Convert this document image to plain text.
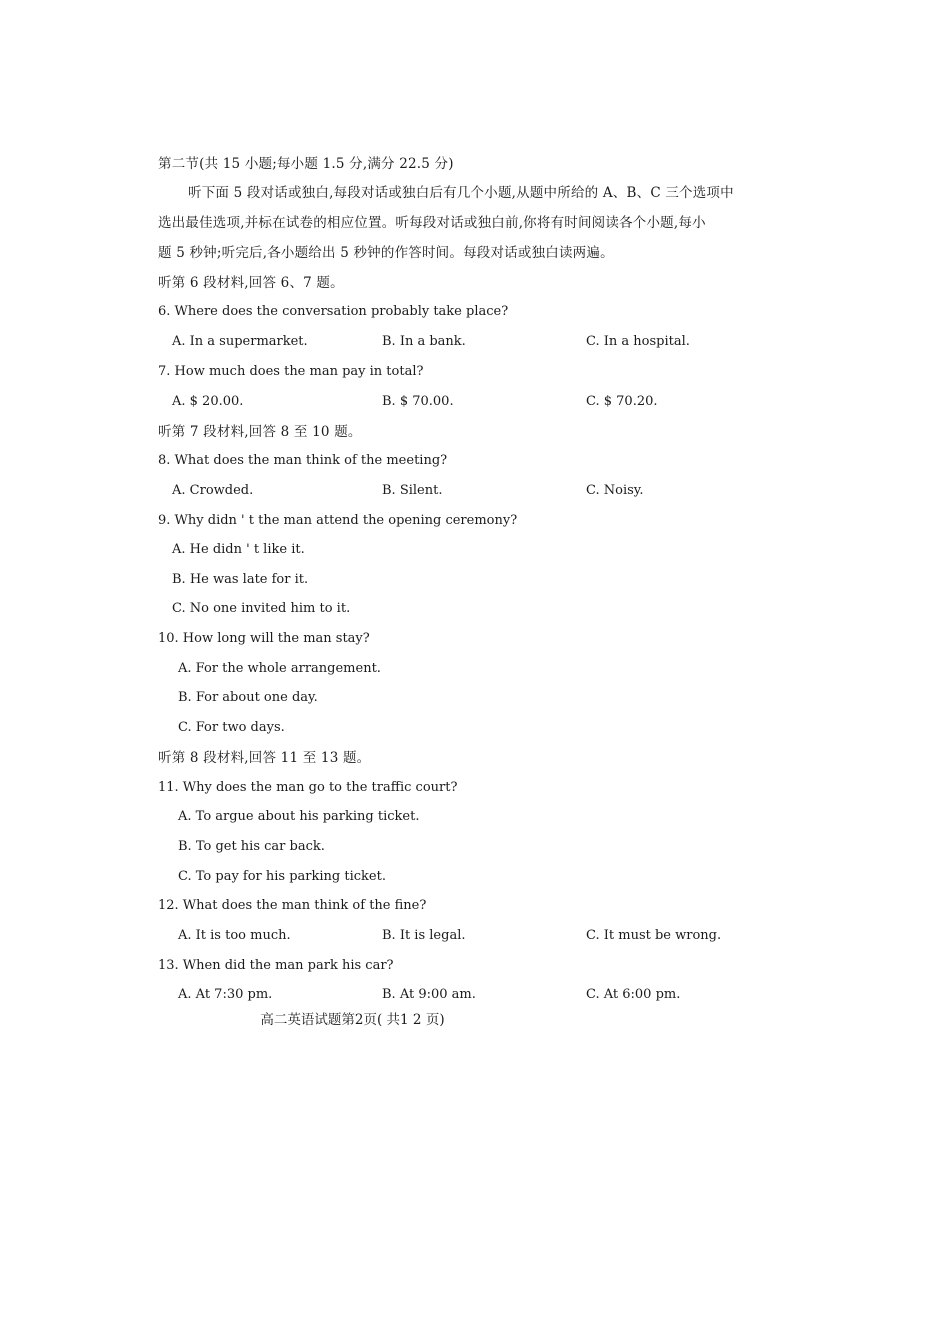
第二节(共 15 小题;每小题 1.5 分,满分 22.5 分)
听下面 5 段对话或独白,每段对话或独白后有几个小题,从题中所给的 A、B、C 三个选项中
选出最佳选项,并标在试卷的相应位置。听每段对话或独白前,你将有时间阅读各个小题,每小
题 5 秒钟;听完后,各小题给出 5 秒钟的作答时间。每段对话或独白读两遍。
听第 6 段材料,回答 6、7 题。
6. Where does the conversation probably take place?
A. In a supermarket.	B. In a bank.	C. In a hospital.
7. How much does the man pay in total?
A. $ 20.00.	B. $ 70.00.	C. $ 70.20.
听第 7 段材料,回答 8 至 10 题。
8. What does the man think of the meeting?
A. Crowded.	B. Silent.	C. Noisy.
9. Why didn ' t the man attend the opening ceremony?
A. He didn ' t like it.
B. He was late for it.
C. No one invited him to it.
10. How long will the man stay?
A. For the whole arrangement.
B. For about one day.
C. For two days.
听第 8 段材料,回答 11 至 13 题。
11. Why does the man go to the traffic court?
A. To argue about his parking ticket.
B. To get his car back.
C. To pay for his parking ticket.
12. What does the man think of the fine?
A. It is too much.	B. It is legal.	C. It must be wrong.
13. When did the man park his car?
A. At 7:30 pm.	B. At 9:00 am.	C. At 6:00 pm.
高二英语试题第2页( 共1 2 页)
